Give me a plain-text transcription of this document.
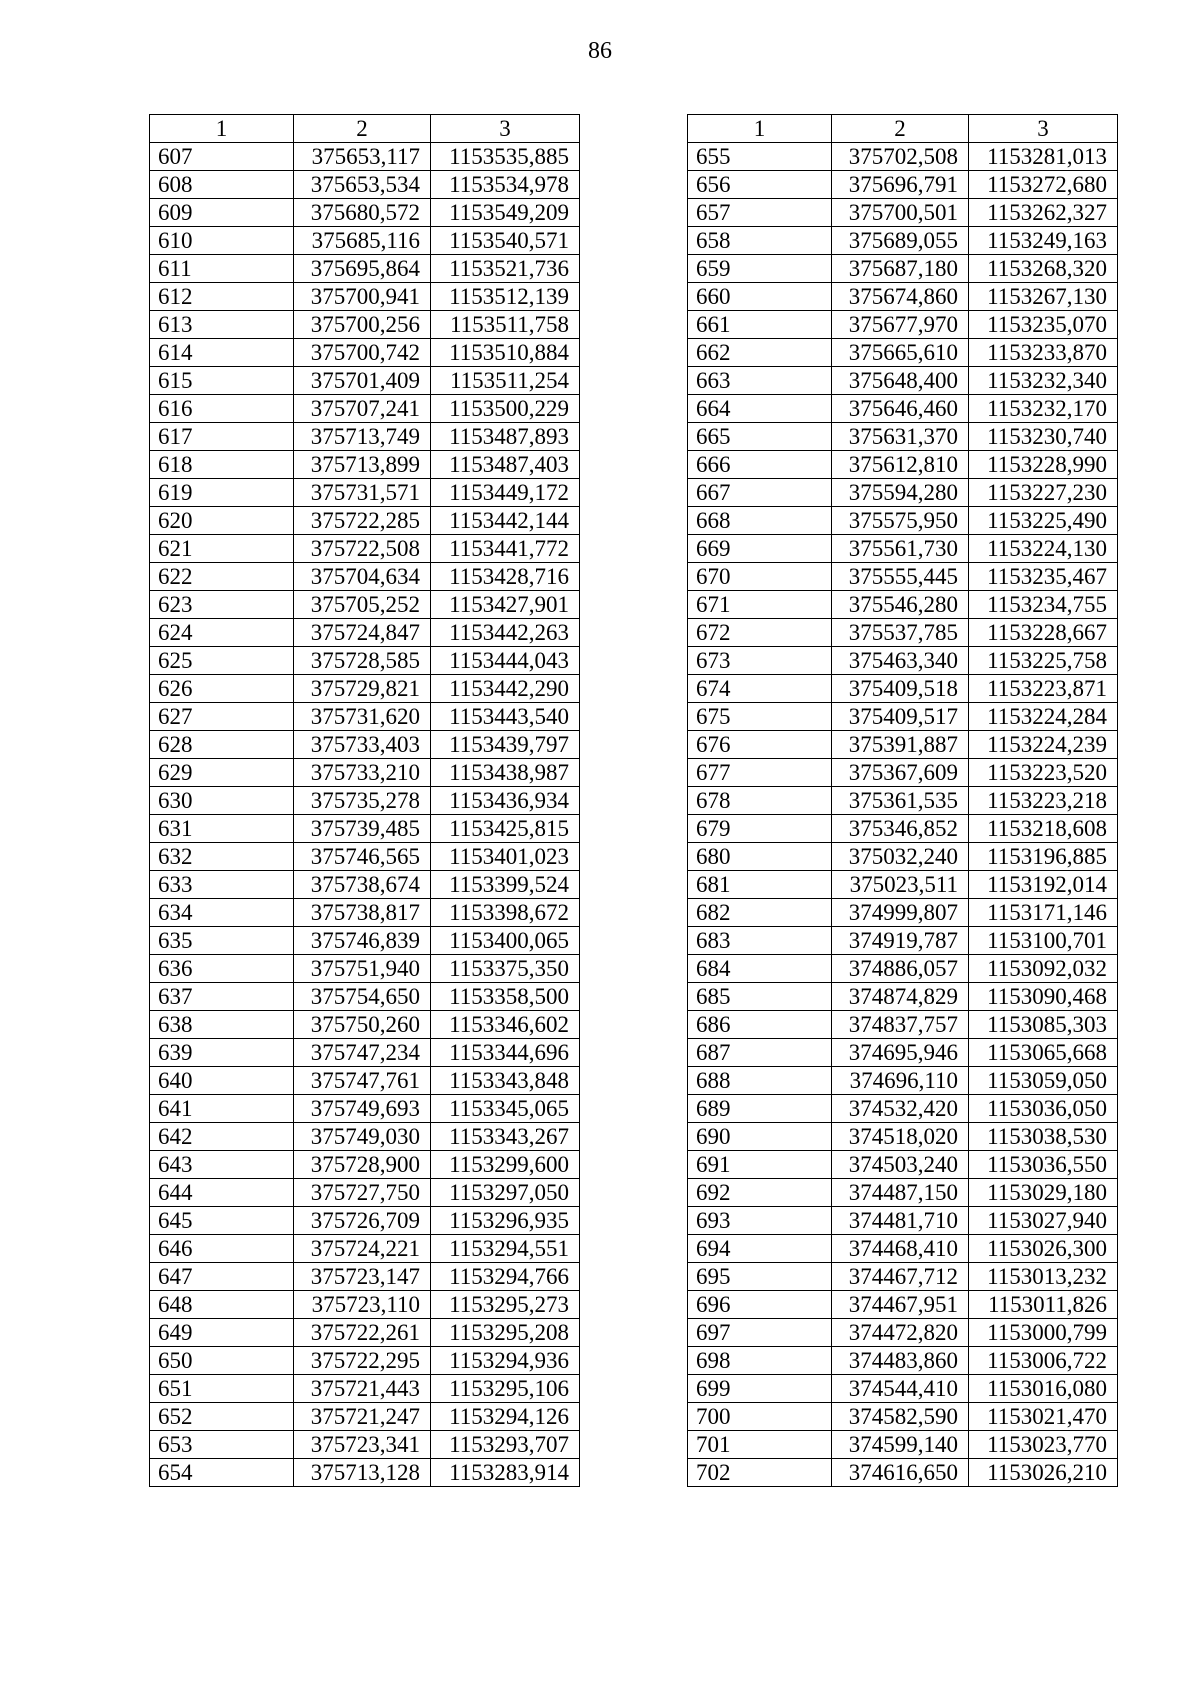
86
1	2	3
607	375653,117	1153535,885
608	375653,534	1153534,978
609	375680,572	1153549,209
610	375685,116	1153540,571
611	375695,864	1153521,736
612	375700,941	1153512,139
613	375700,256	1153511,758
614	375700,742	1153510,884
615	375701,409	1153511,254
616	375707,241	1153500,229
617	375713,749	1153487,893
618	375713,899	1153487,403
619	375731,571	1153449,172
620	375722,285	1153442,144
621	375722,508	1153441,772
622	375704,634	1153428,716
623	375705,252	1153427,901
624	375724,847	1153442,263
625	375728,585	1153444,043
626	375729,821	1153442,290
627	375731,620	1153443,540
628	375733,403	1153439,797
629	375733,210	1153438,987
630	375735,278	1153436,934
631	375739,485	1153425,815
632	375746,565	1153401,023
633	375738,674	1153399,524
634	375738,817	1153398,672
635	375746,839	1153400,065
636	375751,940	1153375,350
637	375754,650	1153358,500
638	375750,260	1153346,602
639	375747,234	1153344,696
640	375747,761	1153343,848
641	375749,693	1153345,065
642	375749,030	1153343,267
643	375728,900	1153299,600
644	375727,750	1153297,050
645	375726,709	1153296,935
646	375724,221	1153294,551
647	375723,147	1153294,766
648	375723,110	1153295,273
649	375722,261	1153295,208
650	375722,295	1153294,936
651	375721,443	1153295,106
652	375721,247	1153294,126
653	375723,341	1153293,707
654	375713,128	1153283,914
1	2	3
655	375702,508	1153281,013
656	375696,791	1153272,680
657	375700,501	1153262,327
658	375689,055	1153249,163
659	375687,180	1153268,320
660	375674,860	1153267,130
661	375677,970	1153235,070
662	375665,610	1153233,870
663	375648,400	1153232,340
664	375646,460	1153232,170
665	375631,370	1153230,740
666	375612,810	1153228,990
667	375594,280	1153227,230
668	375575,950	1153225,490
669	375561,730	1153224,130
670	375555,445	1153235,467
671	375546,280	1153234,755
672	375537,785	1153228,667
673	375463,340	1153225,758
674	375409,518	1153223,871
675	375409,517	1153224,284
676	375391,887	1153224,239
677	375367,609	1153223,520
678	375361,535	1153223,218
679	375346,852	1153218,608
680	375032,240	1153196,885
681	375023,511	1153192,014
682	374999,807	1153171,146
683	374919,787	1153100,701
684	374886,057	1153092,032
685	374874,829	1153090,468
686	374837,757	1153085,303
687	374695,946	1153065,668
688	374696,110	1153059,050
689	374532,420	1153036,050
690	374518,020	1153038,530
691	374503,240	1153036,550
692	374487,150	1153029,180
693	374481,710	1153027,940
694	374468,410	1153026,300
695	374467,712	1153013,232
696	374467,951	1153011,826
697	374472,820	1153000,799
698	374483,860	1153006,722
699	374544,410	1153016,080
700	374582,590	1153021,470
701	374599,140	1153023,770
702	374616,650	1153026,210
